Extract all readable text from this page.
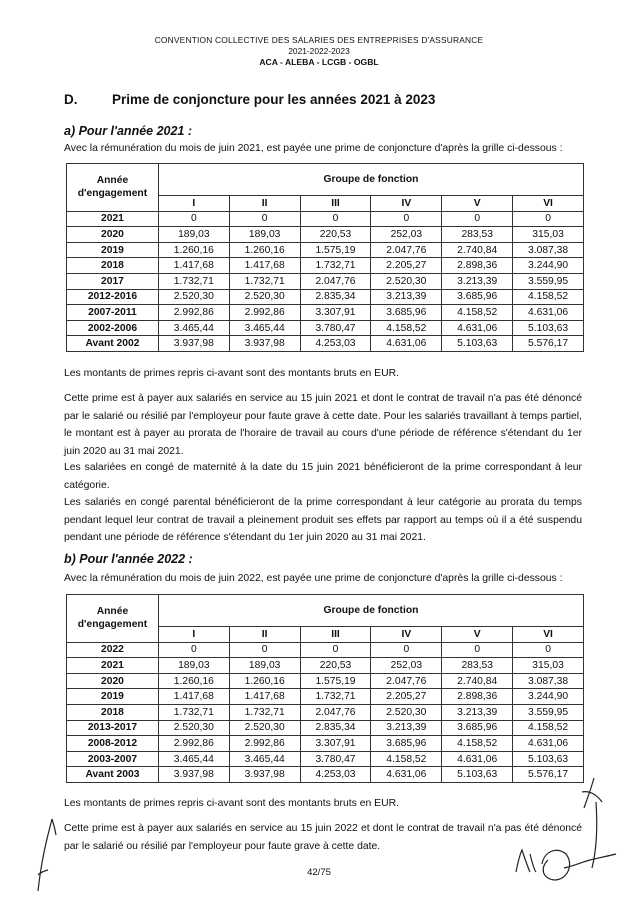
CONVENTION COLLECTIVE DES SALARIES DES ENTREPRISES D'ASSURANCE
2021-2022-2023
ACA - ALEBA - LCGB - OGBL
D.	Prime de conjoncture pour les années 2021 à 2023
a) Pour l'année 2021 :
Avec la rémunération du mois de juin 2021, est payée une prime de conjoncture d'après la grille ci-dessous :
Année d'engagement	Groupe de fonction					
	I	II	III	IV	V	VI
2021	0	0	0	0	0	0
2020	189,03	189,03	220,53	252,03	283,53	315,03
2019	1.260,16	1.260,16	1.575,19	2.047,76	2.740,84	3.087,38
2018	1.417,68	1.417,68	1.732,71	2.205,27	2.898,36	3.244,90
2017	1.732,71	1.732,71	2.047,76	2.520,30	3.213,39	3.559,95
2012-2016	2.520,30	2.520,30	2.835,34	3.213,39	3.685,96	4.158,52
2007-2011	2.992,86	2.992,86	3.307,91	3.685,96	4.158,52	4.631,06
2002-2006	3.465,44	3.465,44	3.780,47	4.158,52	4.631,06	5.103,63
Avant 2002	3.937,98	3.937,98	4.253,03	4.631,06	5.103,63	5.576,17
Les montants de primes repris ci-avant sont des montants bruts en EUR.
Cette prime est à payer aux salariés en service au 15 juin 2021 et dont le contrat de travail n'a pas été dénoncé par le salarié ou résilié par l'employeur pour faute grave à cette date. Pour les salariés travaillant à temps partiel, le montant est à payer au prorata de l'horaire de travail au cours d'une période de référence s'étendant du 1er juin 2020 au 31 mai 2021.
Les salariées en congé de maternité à la date du 15 juin 2021 bénéficieront de la prime correspondant à leur catégorie.
Les salariés en congé parental bénéficieront de la prime correspondant à leur catégorie au prorata du temps pendant lequel leur contrat de travail a pleinement produit ses effets par rapport au temps où il a été suspendu pendant une période de référence s'étendant du 1er juin 2020 au 31 mai 2021.
b) Pour l'année 2022 :
Avec la rémunération du mois de juin 2022, est payée une prime de conjoncture d'après la grille ci-dessous :
Année d'engagement	Groupe de fonction					
	I	II	III	IV	V	VI
2022	0	0	0	0	0	0
2021	189,03	189,03	220,53	252,03	283,53	315,03
2020	1.260,16	1.260,16	1.575,19	2.047,76	2.740,84	3.087,38
2019	1.417,68	1.417,68	1.732,71	2.205,27	2.898,36	3.244,90
2018	1.732,71	1.732,71	2.047,76	2.520,30	3.213,39	3.559,95
2013-2017	2.520,30	2.520,30	2.835,34	3.213,39	3.685,96	4.158,52
2008-2012	2.992,86	2.992,86	3.307,91	3.685,96	4.158,52	4.631,06
2003-2007	3.465,44	3.465,44	3.780,47	4.158,52	4.631,06	5.103,63
Avant 2003	3.937,98	3.937,98	4.253,03	4.631,06	5.103,63	5.576,17
Les montants de primes repris ci-avant sont des montants bruts en EUR.
Cette prime est à payer aux salariés en service au 15 juin 2022 et dont le contrat de travail n'a pas été dénoncé par le salarié ou résilié par l'employeur pour faute grave à cette date.
42/75
